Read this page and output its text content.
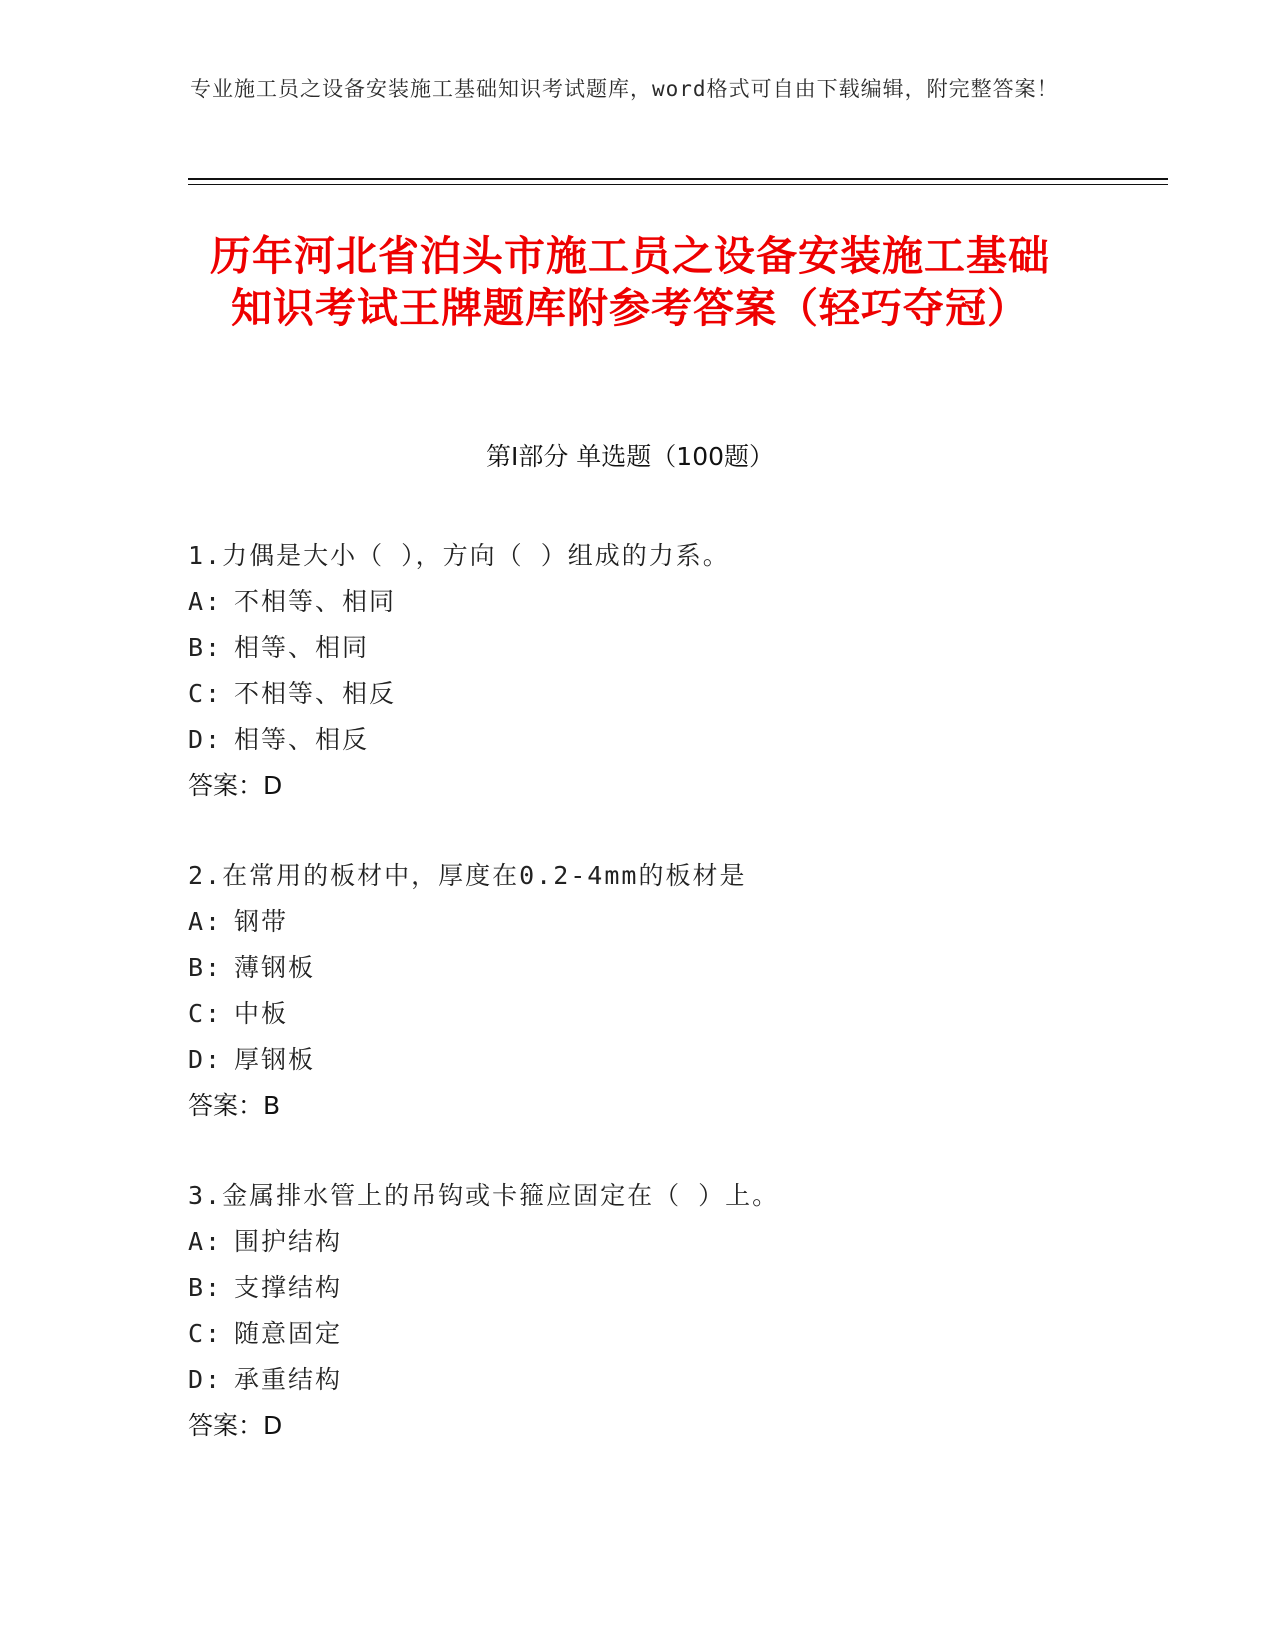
专业施工员之设备安装施工基础知识考试题库，word格式可自由下载编辑，附完整答案！
历年河北省泊头市施工员之设备安装施工基础知识考试王牌题库附参考答案（轻巧夺冠）
第Ⅰ部分 单选题（100题）
1.力偶是大小（ ），方向（ ）组成的力系。
A: 不相等、相同
B: 相等、相同
C: 不相等、相反
D: 相等、相反
答案：D
2.在常用的板材中，厚度在0.2-4mm的板材是
A: 钢带
B: 薄钢板
C: 中板
D: 厚钢板
答案：B
3.金属排水管上的吊钩或卡箍应固定在（ ）上。
A: 围护结构
B: 支撑结构
C: 随意固定
D: 承重结构
答案：D
